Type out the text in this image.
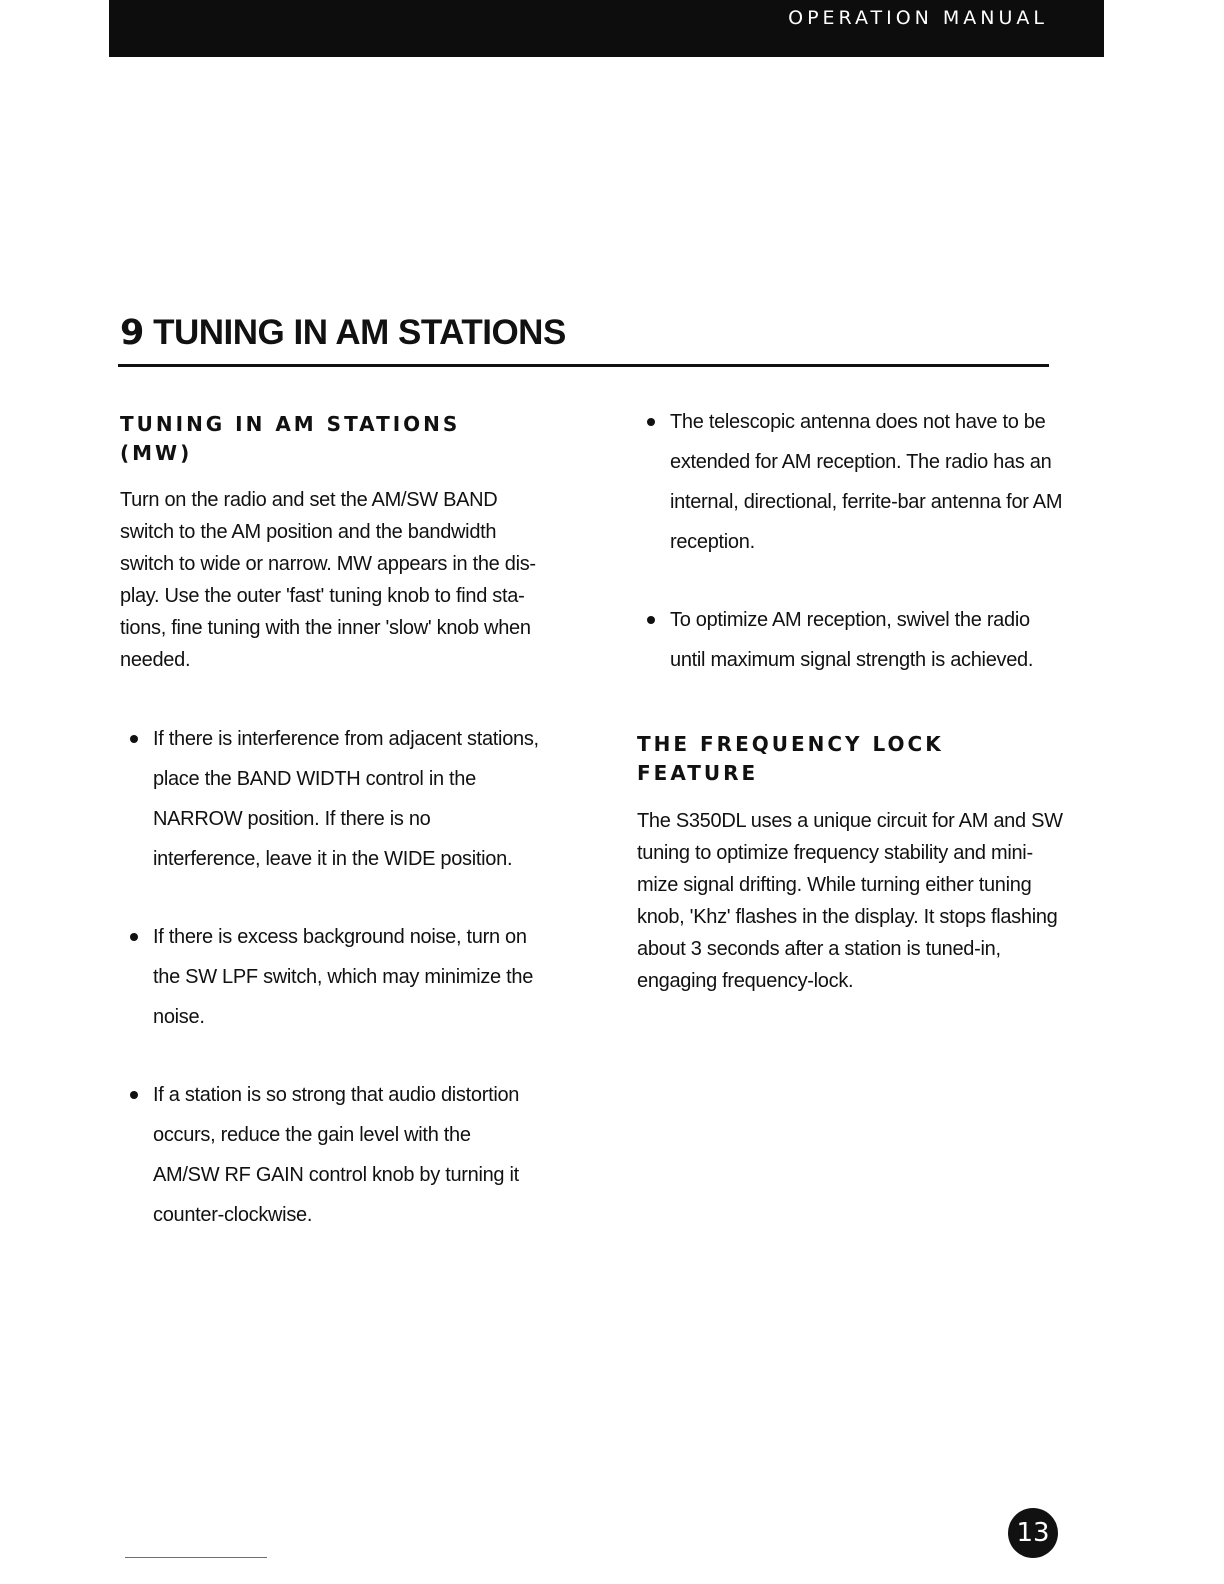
OPERATION MANUAL
9 TUNING IN AM STATIONS
TUNING IN AM STATIONS (MW)

Turn on the radio and set the AM/SW BAND switch to the AM position and the bandwidth switch to wide or narrow. MW appears in the dis-play. Use the outer 'fast' tuning knob to find sta-tions, fine tuning with the inner 'slow' knob when needed.

If there is interference from adjacent stations, place the BAND WIDTH control in the NARROW position. If there is no interference, leave it in the WIDE position.
If there is excess background noise, turn on the SW LPF switch, which may minimize the noise.
If a station is so strong that audio distortion occurs, reduce the gain level with the AM/SW RF GAIN control knob by turning it counter-clockwise.
The telescopic antenna does not have to be extended for AM reception. The radio has an internal, directional, ferrite-bar antenna for AM reception.
To optimize AM reception, swivel the radio until maximum signal strength is achieved.
THE FREQUENCY LOCK
FEATURE

The S350DL uses a unique circuit for AM and SW tuning to optimize frequency stability and mini-mize signal drifting. While turning either tuning knob, 'Khz' flashes in the display. It stops flashing about 3 seconds after a station is tuned-in, engaging frequency-lock.

13
